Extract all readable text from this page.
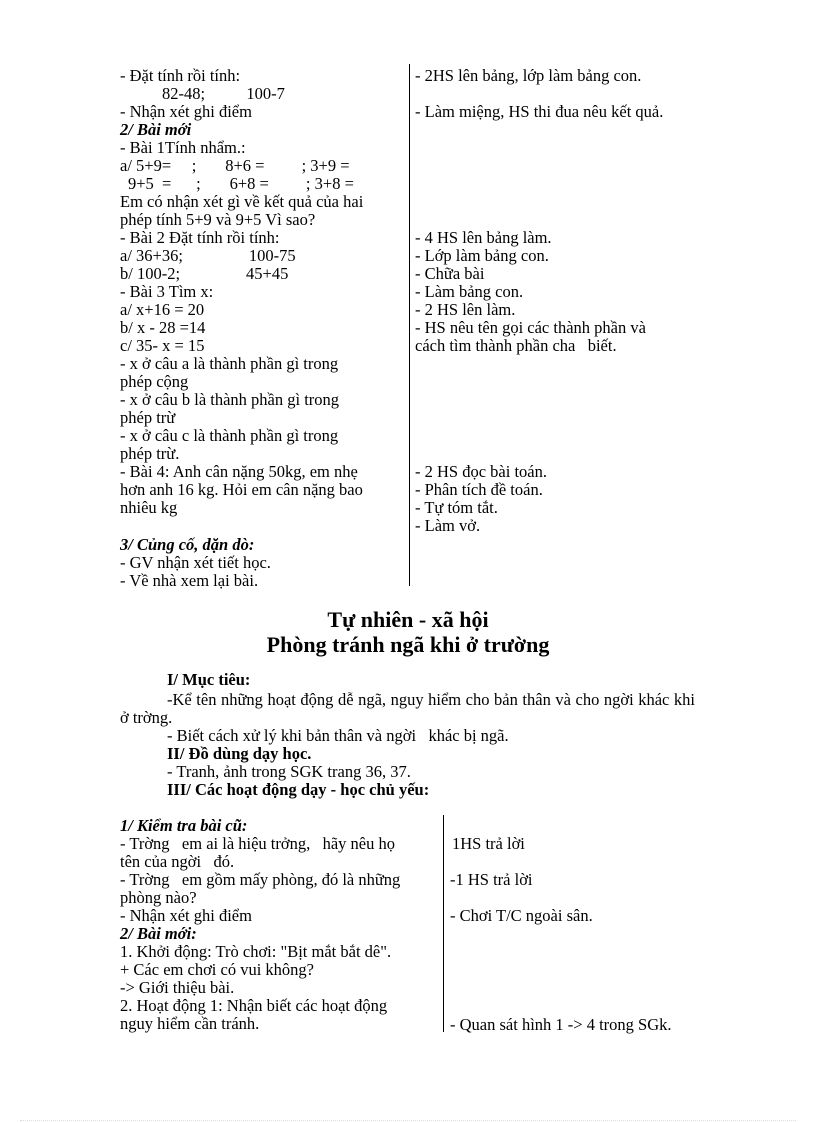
- Đặt tính rồi tính:
82-48;          100-7
- Nhận xét ghi điểm
2/ Bài mới
- Bài 1Tính nhẩm.:
a/ 5+9=     ;       8+6 =         ; 3+9 =
9+5  =      ;       6+8 =         ; 3+8 =
Em có nhận xét gì về kết quả của hai
phép tính 5+9 và 9+5 Vì sao?
- Bài 2 Đặt tính rồi tính:
a/ 36+36;                100-75
b/ 100-2;                45+45
- Bài 3 Tìm x:
a/ x+16 = 20
b/ x - 28 =14
c/ 35- x = 15
- x ở câu a là thành phần gì trong
phép cộng
- x ở câu b là thành phần gì trong
phép trừ
- x ở câu c là thành phần gì trong
phép trừ.
- Bài 4: Anh cân nặng 50kg, em nhẹ
hơn anh 16 kg. Hỏi em cân nặng bao
nhiêu kg
3/ Củng cố, dặn dò:
- GV nhận xét tiết học.
- Về nhà xem lại bài.
- 2HS lên bảng, lớp làm bảng con.
- Làm miệng, HS thi đua nêu kết quả.
- 4 HS lên bảng làm.
- Lớp làm bảng con.
- Chữa bài
- Làm bảng con.
- 2 HS lên làm.
- HS nêu tên gọi các thành phần và
cách tìm thành phần cha   biết.
- 2 HS đọc bài toán.
- Phân tích đề toán.
- Tự tóm tắt.
- Làm vở.
Tự nhiên - xã hội
Phòng tránh ngã khi ở trường
I/ Mục tiêu:
-Kể tên những hoạt động dễ ngã, nguy hiểm cho bản thân và cho ngời khác khi ở trờng.
- Biết cách xử lý khi bản thân và ngời   khác bị ngã.
II/ Đồ dùng dạy học.
- Tranh, ảnh trong SGK trang 36, 37.
III/ Các hoạt động dạy - học chủ yếu:
1/ Kiểm tra bài cũ:
- Trờng   em ai là hiệu trởng,   hãy nêu họ
tên của ngời   đó.
- Trờng   em gồm mấy phòng, đó là những
phòng nào?
- Nhận xét ghi điểm
2/ Bài mới:
1. Khởi động: Trò chơi: "Bịt mắt bắt dê".
+ Các em chơi có vui không?
-> Giới thiệu bài.
2. Hoạt động 1: Nhận biết các hoạt động
nguy hiểm cần tránh.
1HS trả lời
-1 HS trả lời
- Chơi T/C ngoài sân.
- Quan sát hình 1 -> 4 trong SGk.
